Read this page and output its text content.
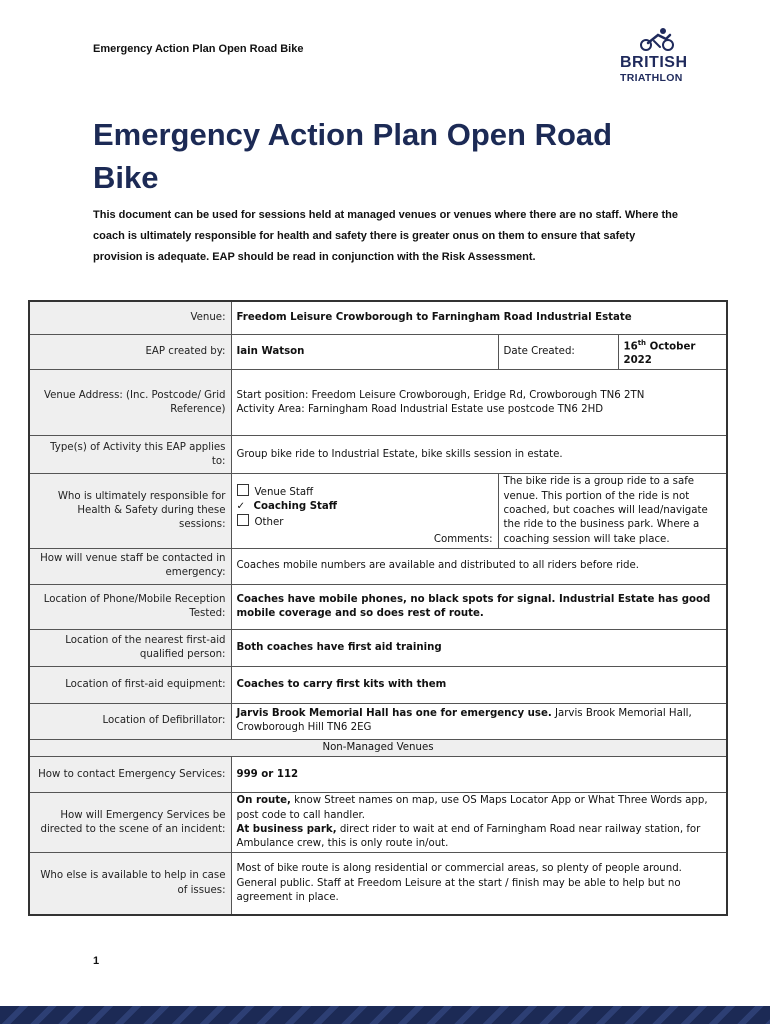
Emergency Action Plan Open Road Bike
BRITISH
TRIATHLON
Emergency Action Plan Open Road Bike

This document can be used for sessions held at managed venues or venues where there are no staff. Where the coach is ultimately responsible for health and safety there is greater onus on them to ensure that safety provision is adequate. EAP should be read in conjunction with the Risk Assessment.

Venue:	Freedom Leisure Crowborough to Farningham Road Industrial Estate		
EAP created by:	Iain Watson	Date Created:	16th October 2022
Venue Address: (Inc. Postcode/ Grid Reference)	Start position: Freedom Leisure Crowborough, Eridge Rd, Crowborough TN6 2TN
Activity Area: Farningham Road Industrial Estate use postcode TN6 2HD		

Type(s) of Activity this EAP applies to:	Group bike ride to Industrial Estate, bike skills session in estate.		
Who is ultimately responsible for Health & Safety during these sessions:	Venue Staff
✓ Coaching Staff
Other
Comments:	The bike ride is a group ride to a safe venue. This portion of the ride is not coached, but coaches will lead/navigate the ride to the business park. Where a coaching session will take place.	
How will venue staff be contacted in emergency:	Coaches mobile numbers are available and distributed to all riders before ride.		
Location of Phone/Mobile Reception Tested:	Coaches have mobile phones, no black spots for signal. Industrial Estate has good mobile coverage and so does rest of route.		
Location of the nearest first-aid qualified person:	Both coaches have first aid training		
Location of first-aid equipment:	Coaches to carry first kits with them		
Location of Defibrillator:	Jarvis Brook Memorial Hall has one for emergency use. Jarvis Brook Memorial Hall, Crowborough Hill TN6 2EG		
Non-Managed Venues			
How to contact Emergency Services:	999 or 112		
How will Emergency Services be directed to the scene of an incident:	On route, know Street names on map, use OS Maps Locator App or What Three Words app, post code to call handler.
At business park, direct rider to wait at end of Farningham Road near railway station, for Ambulance crew, this is only route in/out.		

Who else is available to help in case of issues:	Most of bike route is along residential or commercial areas, so plenty of people around.
General public. Staff at Freedom Leisure at the start / finish may be able to help but no agreement in place.		
1
